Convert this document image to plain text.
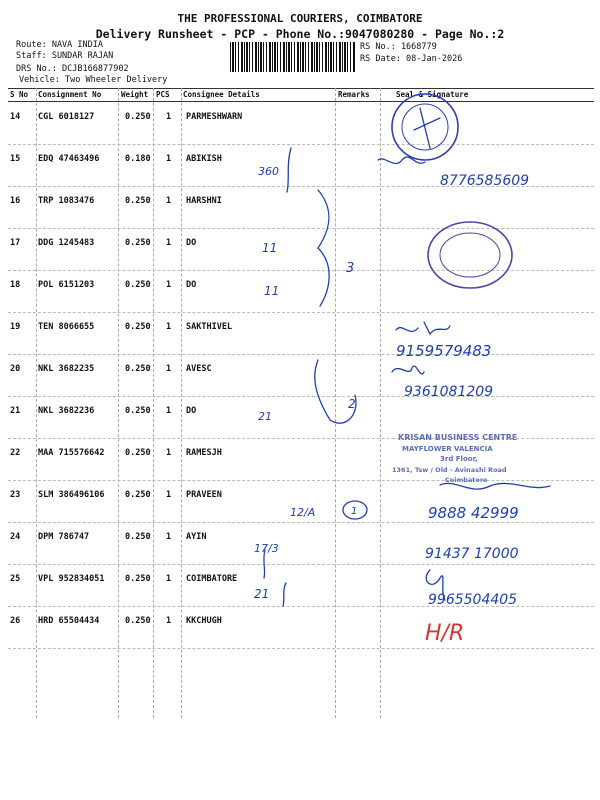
THE PROFESSIONAL COURIERS, COIMBATORE
Delivery Runsheet - PCP - Phone No.:9047080280 - Page No.:2
Route: NAVA INDIA
Staff: SUNDAR RAJAN
DRS No.: DCJB166877902
Vehicle: Two Wheeler Delivery
RS No.: 1668779
RS Date: 08-Jan-2026
S No Consignment No	Weight PCS Consignee Details	Remarks	Seal & Signature
14 CGL 6018127	0.250 1 PARMESHWARN
15 EDQ 47463496	0.180 1 ABIKISH
16 TRP 1083476	0.250 1 HARSHNI
17 DDG 1245483	0.250 1 DO
18 POL 6151203	0.250 1 DO
19 TEN 8066655	0.250 1 SAKTHIVEL
20 NKL 3682235	0.250 1 AVESC
21 NKL 3682236	0.250 1 DO
22 MAA 715576642 0.250 1 RAMESJH
23 SLM 386496106 0.250 1 PRAVEEN
24 DPM 786747	0.250 1 AYIN
25 VPL 952834051 0.250 1 COIMBATORE
26 HRD 65504434	0.250 1 KKCHUGH
360
8776585609
11
11
3
9159579483
9361081209
21
2
12/A	1	9888 42999
17/3	91437 17000
21	9965504405
H/R
KRISAN BUSINESS CENTRE
MAYFLOWER VALENCIA
3rd Floor,
1361, Tsw / Old - Avinashi Road
Coimbatore
